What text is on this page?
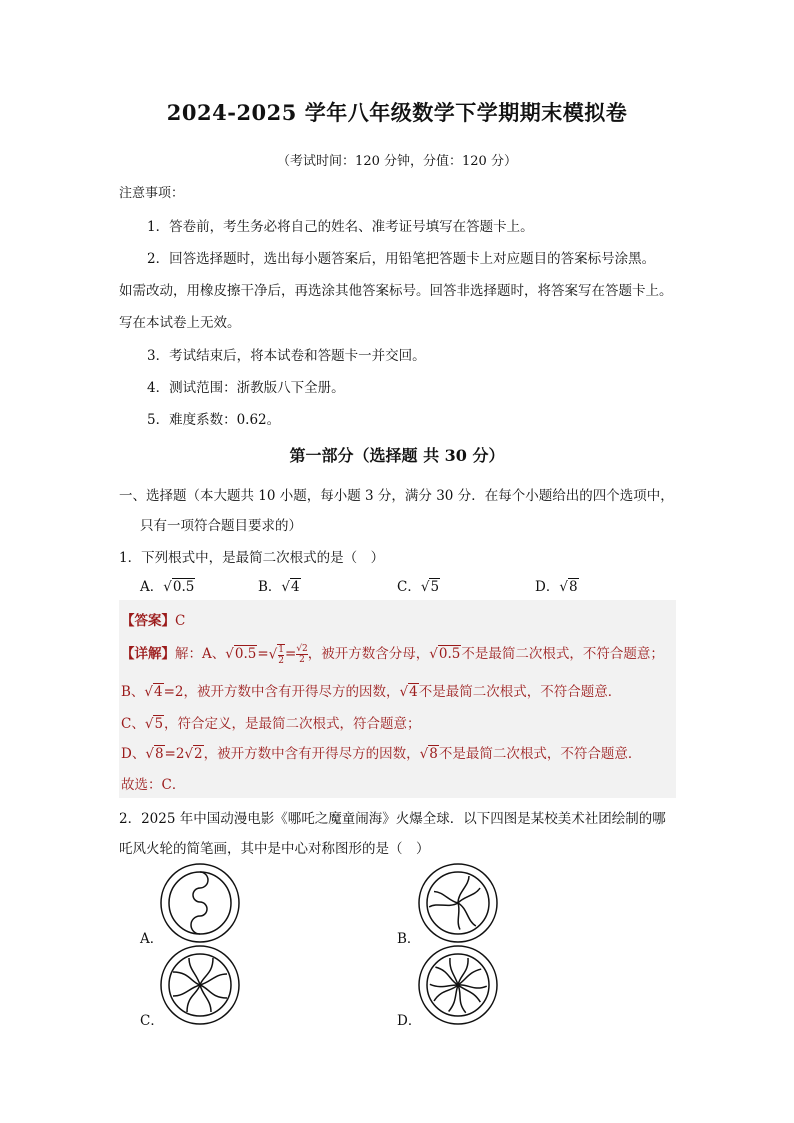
2024-2025 学年八年级数学下学期期末模拟卷
（考试时间：120 分钟，分值：120 分）
注意事项：
1．答卷前，考生务必将自己的姓名、准考证号填写在答题卡上。
2．回答选择题时，选出每小题答案后，用铅笔把答题卡上对应题目的答案标号涂黑。
如需改动，用橡皮擦干净后，再选涂其他答案标号。回答非选择题时，将答案写在答题卡上。
写在本试卷上无效。
3．考试结束后，将本试卷和答题卡一并交回。
4．测试范围：浙教版八下全册。
5．难度系数：0.62。
第一部分（选择题 共 30 分）
一、选择题（本大题共 10 小题，每小题 3 分，满分 30 分．在每个小题给出的四个选项中，
只有一项符合题目要求的）
1．下列根式中，是最简二次根式的是（　）
A．√0.5	B．√4	C．√5	D．√8
【答案】C
【详解】解：A、$√0.5=√ \frac{1}{2} = \frac{√2}{2}$ ，被开方数含分母，√0.5不是最简二次根式，不符合题意；
B、√4=2，被开方数中含有开得尽方的因数，√4不是最简二次根式，不符合题意．
C、√5，符合定义，是最简二次根式，符合题意；
D、√8=2√2，被开方数中含有开得尽方的因数，√8不是最简二次根式，不符合题意．
故选：C．
2．2025 年中国动漫电影《哪吒之魔童闹海》火爆全球．以下四图是某校美术社团绘制的哪
吒风火轮的简笔画，其中是中心对称图形的是（　）
A．	B．
C．	D．
